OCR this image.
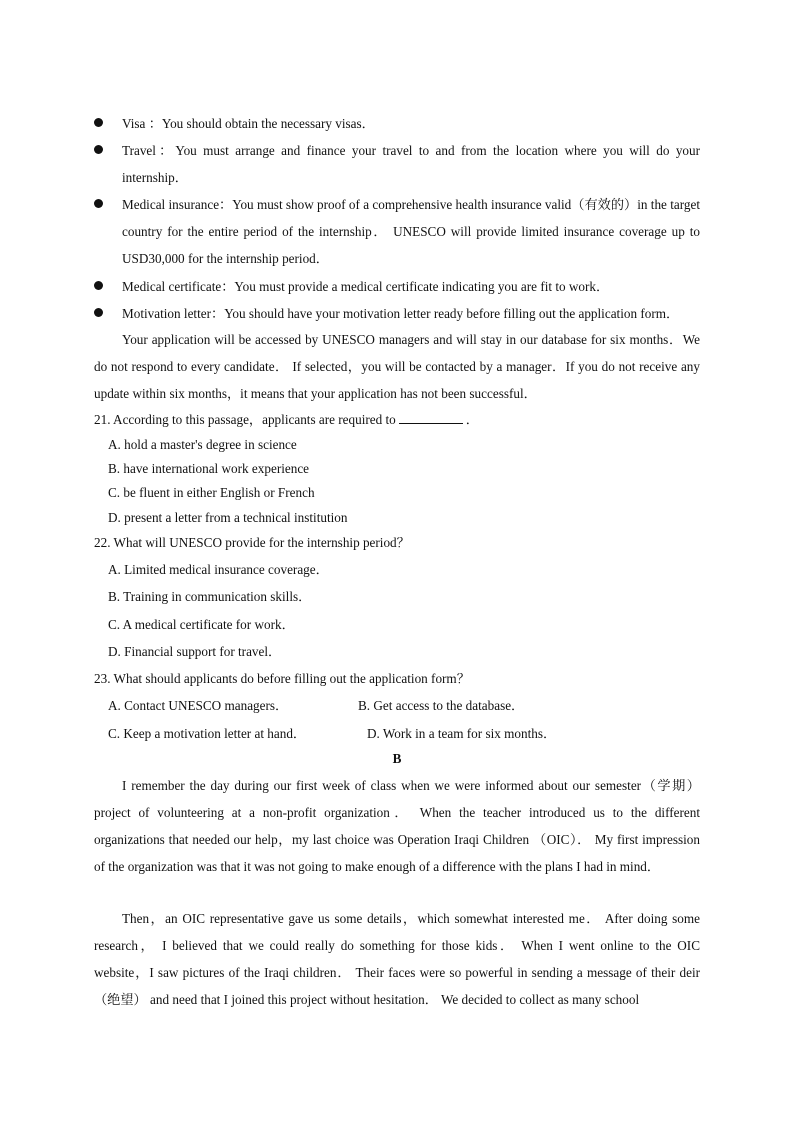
Visa ：You should obtain the necessary visas．
Travel：You must arrange and finance your travel to and from the location where you will do your internship．
Medical insurance：You must show proof of a comprehensive health insurance valid（有效的）in the target country for the entire period of the internship． UNESCO will provide limited insurance coverage up to USD30,000 for the internship period．
Medical certificate：You must provide a medical certificate indicating you are fit to work．
Motivation letter：You should have your motivation letter ready before filling out the application form．
Your application will be accessed by UNESCO managers and will stay in our database for six months．We do not respond to every candidate． If selected，you will be contacted by a manager．If you do not receive any update within six months，it means that your application has not been successful．
21. According to this passage，applicants are required to	．
A. hold a master's degree in science
B. have international work experience
C. be fluent in either English or French
D. present a letter from a technical institution
22. What will UNESCO provide for the internship period？
A. Limited medical insurance coverage．
B. Training in communication skills．
C. A medical certificate for work．
D. Financial support for travel．
23. What should applicants do before filling out the application form？
A. Contact UNESCO managers．	B. Get access to the database．
C. Keep a motivation letter at hand．	D. Work in a team for six months．
B
I remember the day during our first week of class when we were informed about our semester（学期）project of volunteering at a non-profit organization． When the teacher introduced us to the different organizations that needed our help，my last choice was Operation Iraqi Children （OIC）． My first impression of the organization was that it was not going to make enough of a difference with the plans I had in mind．
Then，an OIC representative gave us some details，which somewhat interested me． After doing some research， I believed that we could really do something for those kids． When I went online to the OIC website，I saw pictures of the Iraqi children． Their faces were so powerful in sending a message of their deir（绝望） and need that I joined this project without hesitation． We decided to collect as many school
